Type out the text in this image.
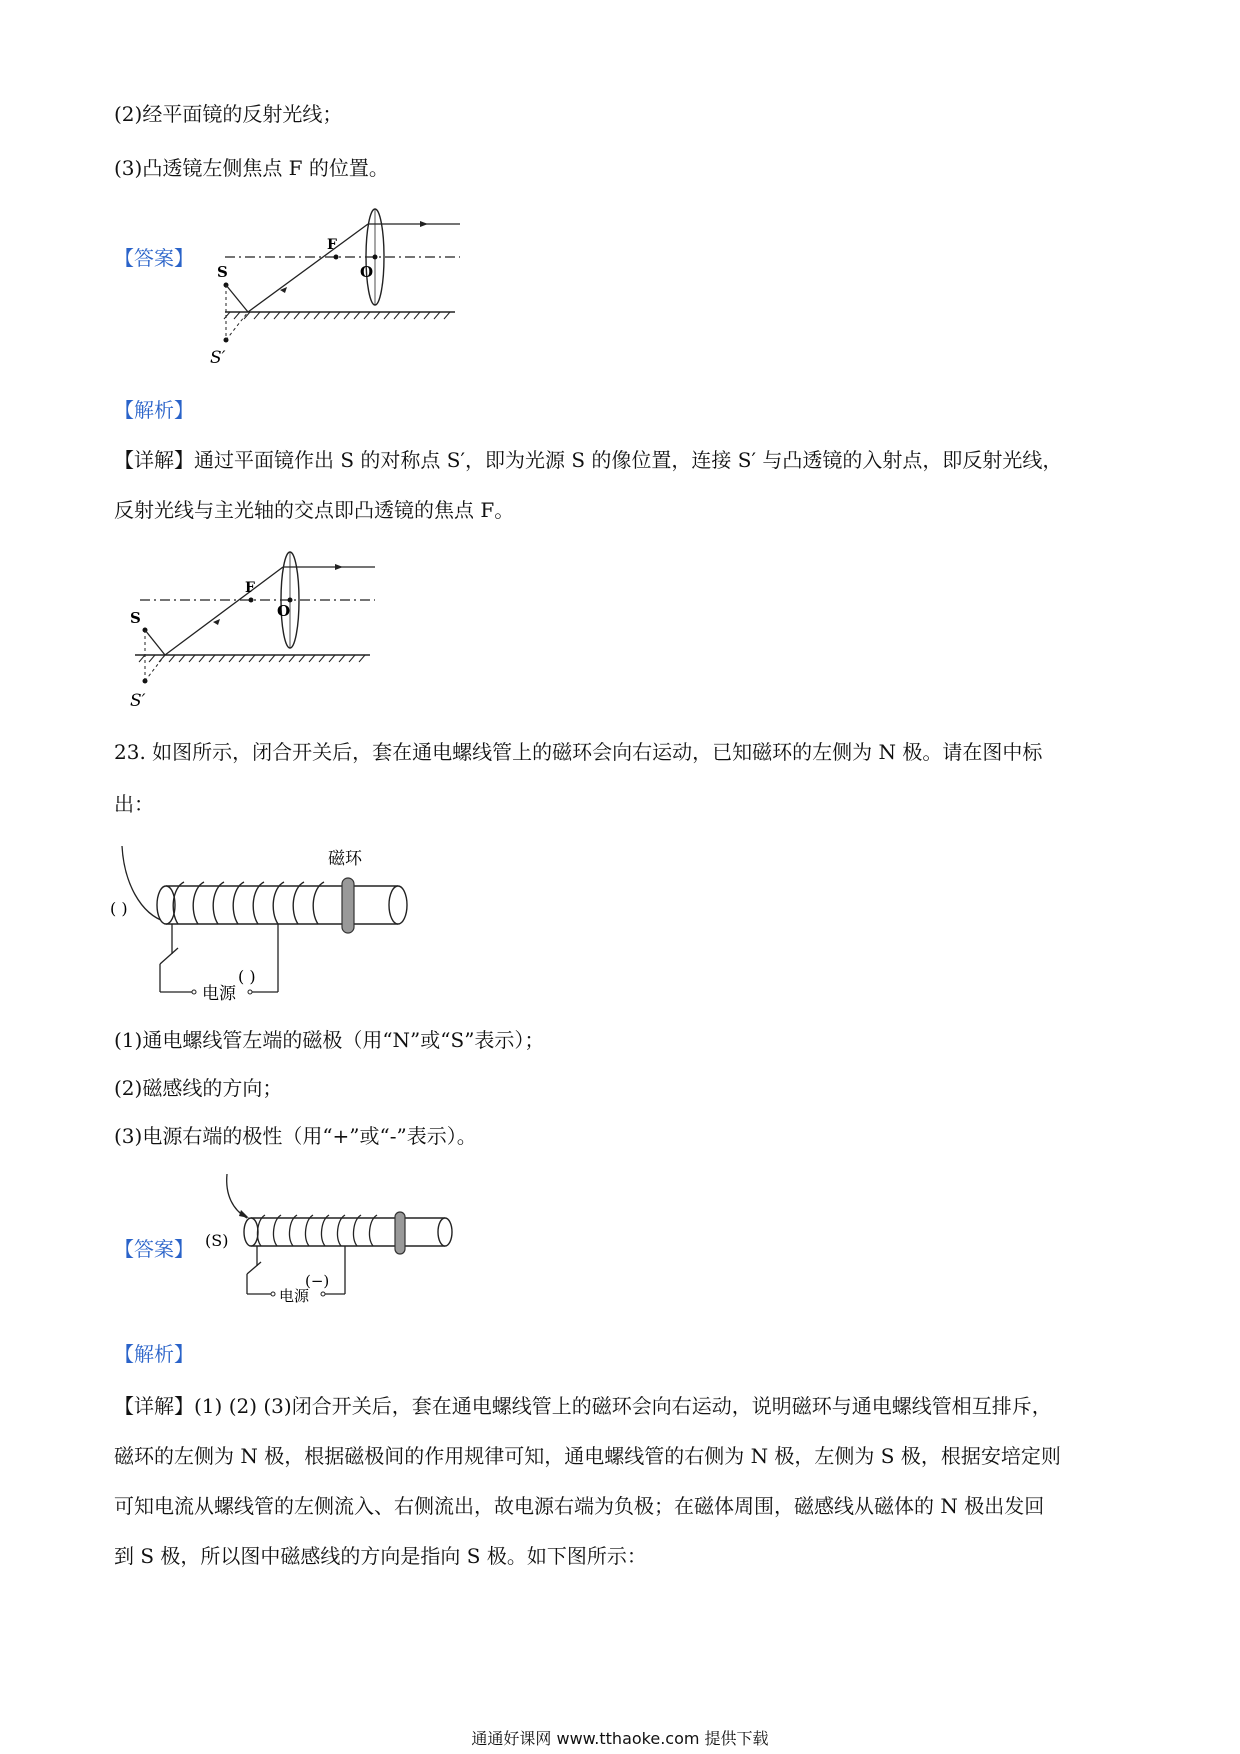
(2)经平面镜的反射光线；
(3)凸透镜左侧焦点 F 的位置。
【答案】
S
S′
F
O
【解析】
【详解】通过平面镜作出 S 的对称点 S′，即为光源 S 的像位置，连接 S′ 与凸透镜的入射点，即反射光线，
反射光线与主光轴的交点即凸透镜的焦点 F。
S
S′
F
O
23. 如图所示，闭合开关后，套在通电螺线管上的磁环会向右运动，已知磁环的左侧为 N 极。请在图中标
出：
磁环
电源
( )
( )
(1)通电螺线管左端的磁极（用“N”或“S”表示）；
(2)磁感线的方向；
(3)电源右端的极性（用“+”或“-”表示）。
【答案】
电源
(S)
(−)
【解析】
【详解】(1) (2) (3)闭合开关后，套在通电螺线管上的磁环会向右运动，说明磁环与通电螺线管相互排斥，
磁环的左侧为 N 极，根据磁极间的作用规律可知，通电螺线管的右侧为 N 极，左侧为 S 极，根据安培定则
可知电流从螺线管的左侧流入、右侧流出，故电源右端为负极；在磁体周围，磁感线从磁体的 N 极出发回
到 S 极，所以图中磁感线的方向是指向 S 极。如下图所示：
通通好课网 www.tthaoke.com 提供下载
